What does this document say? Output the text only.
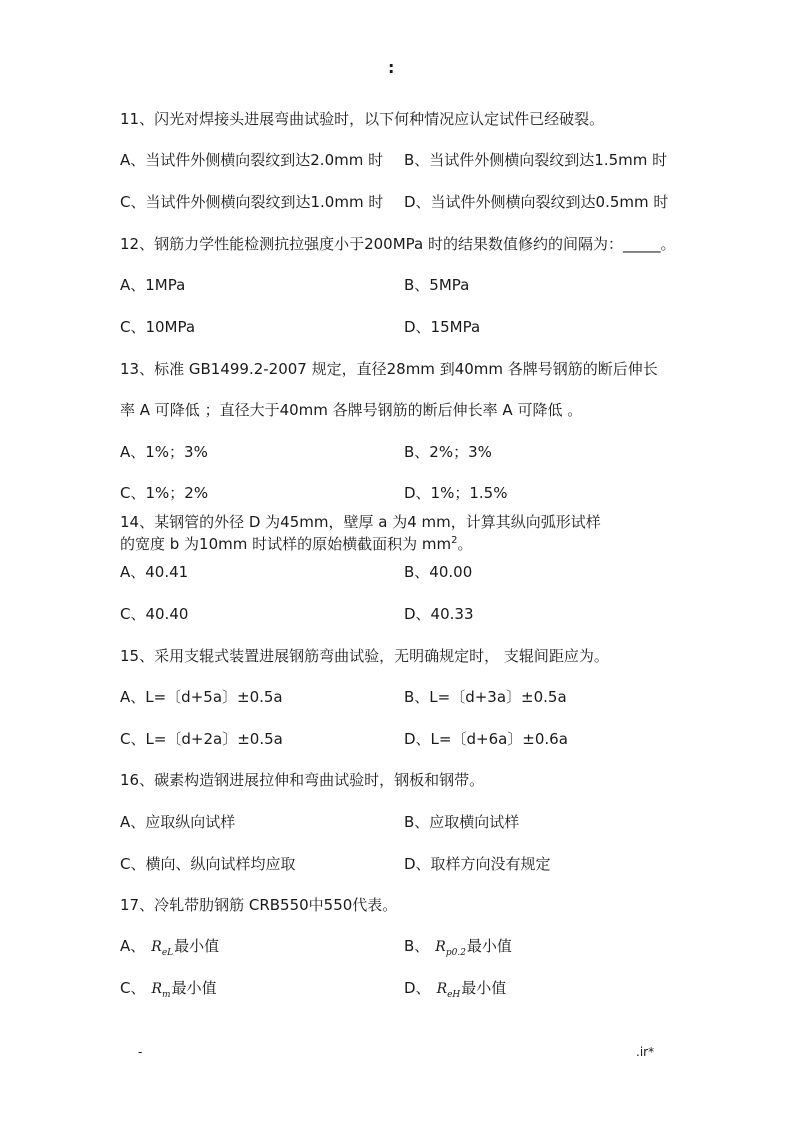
:
11、闪光对焊接头进展弯曲试验时，以下何种情况应认定试件已经破裂。
A、当试件外侧横向裂纹到达2.0mm 时 B、当试件外侧横向裂纹到达1.5mm 时
C、当试件外侧横向裂纹到达1.0mm 时 D、当试件外侧横向裂纹到达0.5mm 时
12、钢筋力学性能检测抗拉强度小于200MPa 时的结果数值修约的间隔为：_____。
A、1MPa	B、5MPa
C、10MPa	D、15MPa
13、标准 GB1499.2-2007 规定，直径28mm 到40mm 各牌号钢筋的断后伸长
率 A 可降低 ；直径大于40mm 各牌号钢筋的断后伸长率 A 可降低 。
A、1%；3%	B、2%；3%
C、1%；2%	D、1%；1.5%
14、某钢管的外径 D 为45mm，壁厚 a 为4 mm，计算其纵向弧形试样
的宽度 b 为10mm 时试样的原始横截面积为 $mm^2$。
A、40.41	B、40.00
C、40.40	D、40.33
15、采用支辊式装置进展钢筋弯曲试验，无明确规定时， 支辊间距应为。
A、L=〔d+5a〕±0.5a	B、L=〔d+3a〕±0.5a
C、L=〔d+2a〕±0.5a	D、L=〔d+6a〕±0.6a
16、碳素构造钢进展拉伸和弯曲试验时，钢板和钢带。
A、应取纵向试样	B、应取横向试样
C、横向、纵向试样均应取	D、取样方向没有规定
17、冷轧带肋钢筋 CRB550中550代表。
A、 $R_{eL}$最小值	B、 $R_{p0.2}$最小值
C、 $R_m$最小值	D、 $R_{eH}$最小值
-	.ir*
